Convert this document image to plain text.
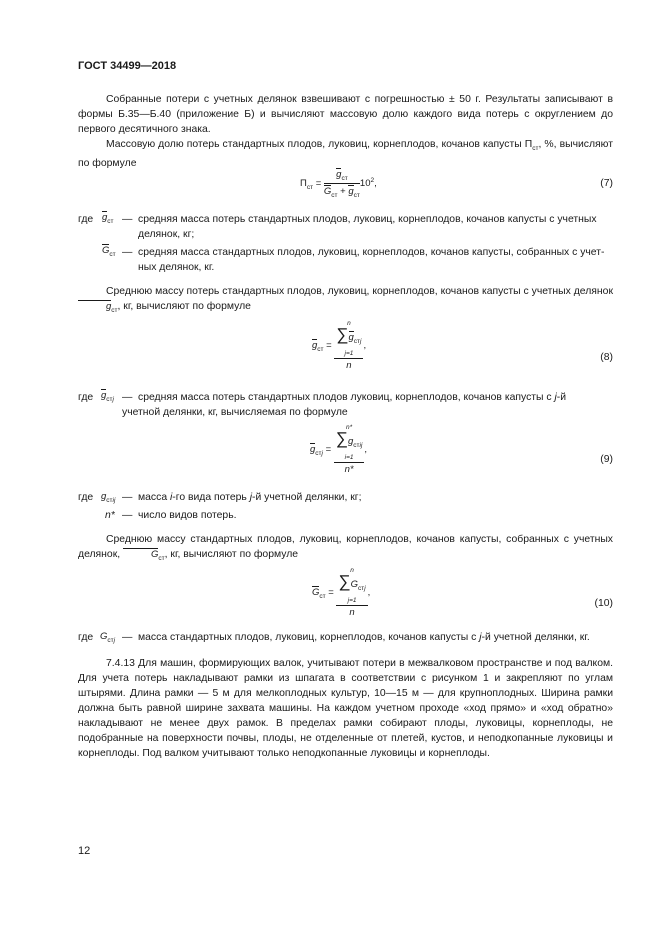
ГОСТ 34499—2018

Собранные потери с учетных делянок взвешивают с погрешностью ± 50 г. Результаты записывают в формы Б.35—Б.40 (приложение Б) и вычисляют массовую долю каждого вида потерь с округлением до первого десятичного знака.

Массовую долю потерь стандартных плодов, луковиц, корнеплодов, кочанов капусты $П_{ст}$, %, вычисляют по формуле

$П_{ст} = \frac{g_{ст}}{G_{ст} + g_{ст}} 10^2$,	(7)
где $g_{ст}$ — средняя масса потерь стандартных плодов, луковиц, корнеплодов, кочанов капусты с учетных
делянок, кг;
$G_{ст}$ — средняя масса стандартных плодов, луковиц, корнеплодов, кочанов капусты, собранных с учет-
ных делянок, кг.

Среднюю массу потерь стандартных плодов, луковиц, корнеплодов, кочанов капусты с учетных делянок $g_{ст}$, кг, вычисляют по формуле

$g_{ст} = n$
$\sum g_{стj}$
j=1
n ,
(8)
где $g_{стj}$ — средняя масса потерь стандартных плодов луковиц, корнеплодов, кочанов капусты с j-й
учетной делянки, кг, вычисляемая по формуле
$g_{стj} = n*$
$\sum g_{стij}$
i=1
n* ,
(9)
где $g_{стij}$ — масса i-го вида потерь j-й учетной делянки, кг;
n* — число видов потерь.

Среднюю массу стандартных плодов, луковиц, корнеплодов, кочанов капусты, собранных с учетных делянок,	$G_{ст}$, кг, вычисляют по формуле

$G_{ст} = n$
$\sum G_{стj}$
j=1
n ,
(10)
где $G_{стj}$ — масса стандартных плодов, луковиц, корнеплодов, кочанов капусты с j-й учетной делянки, кг.

7.4.13 Для машин, формирующих валок, учитывают потери в межвалковом пространстве и под валком. Для учета потерь накладывают рамки из шпагата в соответствии с рисунком 1 и закрепляют по углам штырями. Длина рамки — 5 м для мелкоплодных культур, 10—15 м — для крупноплодных. Ширина рамки должна быть равной ширине захвата машины. На каждом учетном проходе «ход прямо» и «ход обратно» накладывают не менее двух рамок. В пределах рамки собирают плоды, луковицы, корнеплоды, не подобранные на поверхности почвы, плоды, не отделенные от плетей, кустов, и неподкопанные луковицы и корнеплоды. Под валком учитывают только неподкопанные луковицы и корнеплоды.

12
